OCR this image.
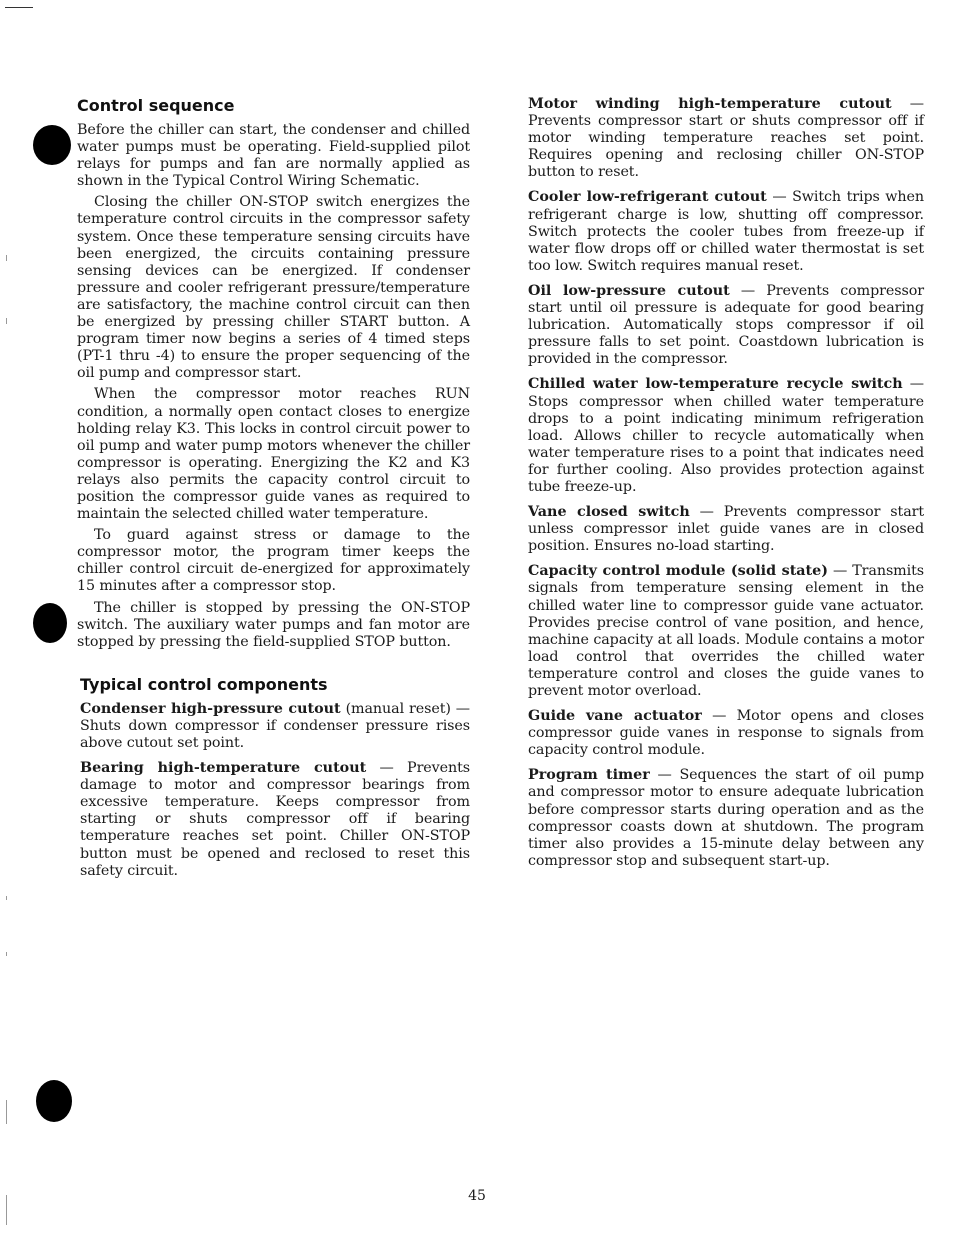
Control sequence

Before the chiller can start, the condenser and chilled water pumps must be operating. Field-supplied pilot relays for pumps and fan are normally applied as shown in the Typical Control Wiring Schematic.

Closing the chiller ON-STOP switch energizes the temperature control circuits in the compressor safety system. Once these temperature sensing circuits have been energized, the circuits containing pressure sensing devices can be energized. If condenser pressure and cooler refrigerant pressure/temperature are satisfactory, the machine control circuit can then be energized by pressing chiller START button. A program timer now begins a series of 4 timed steps (PT-1 thru -4) to ensure the proper sequencing of the oil pump and compressor start.

When the compressor motor reaches RUN condition, a normally open contact closes to energize holding relay K3. This locks in control circuit power to oil pump and water pump motors whenever the chiller compressor is operating. Energizing the K2 and K3 relays also permits the capacity control circuit to position the compressor guide vanes as required to maintain the selected chilled water temperature.

To guard against stress or damage to the compressor motor, the program timer keeps the chiller control circuit de-energized for approximately 15 minutes after a compressor stop.

The chiller is stopped by pressing the ON-STOP switch. The auxiliary water pumps and fan motor are stopped by pressing the field-supplied STOP button.

Typical control components

Condenser high-pressure cutout (manual reset) — Shuts down compressor if condenser pressure rises above cutout set point.

Bearing high-temperature cutout — Prevents damage to motor and compressor bearings from excessive temperature. Keeps compressor from starting or shuts compressor off if bearing temperature reaches set point. Chiller ON-STOP button must be opened and reclosed to reset this safety circuit.

Motor winding high-temperature cutout — Prevents compressor start or shuts compressor off if motor winding temperature reaches set point. Requires opening and reclosing chiller ON-STOP button to reset.

Cooler low-refrigerant cutout — Switch trips when refrigerant charge is low, shutting off compressor. Switch protects the cooler tubes from freeze-up if water flow drops off or chilled water thermostat is set too low. Switch requires manual reset.

Oil low-pressure cutout — Prevents compressor start until oil pressure is adequate for good bearing lubrication. Automatically stops compressor if oil pressure falls to set point. Coastdown lubrication is provided in the compressor.

Chilled water low-temperature recycle switch — Stops compressor when chilled water temperature drops to a point indicating minimum refrigeration load. Allows chiller to recycle automatically when water temperature rises to a point that indicates need for further cooling. Also provides protection against tube freeze-up.

Vane closed switch — Prevents compressor start unless compressor inlet guide vanes are in closed position. Ensures no-load starting.

Capacity control module (solid state) — Transmits signals from temperature sensing element in the chilled water line to compressor guide vane actuator. Provides precise control of vane position, and hence, machine capacity at all loads. Module contains a motor load control that overrides the chilled water temperature control and closes the guide vanes to prevent motor overload.

Guide vane actuator — Motor opens and closes compressor guide vanes in response to signals from capacity control module.

Program timer — Sequences the start of oil pump and compressor motor to ensure adequate lubrication before compressor starts during operation and as the compressor coasts down at shutdown. The program timer also provides a 15-minute delay between any compressor stop and subsequent start-up.

45
